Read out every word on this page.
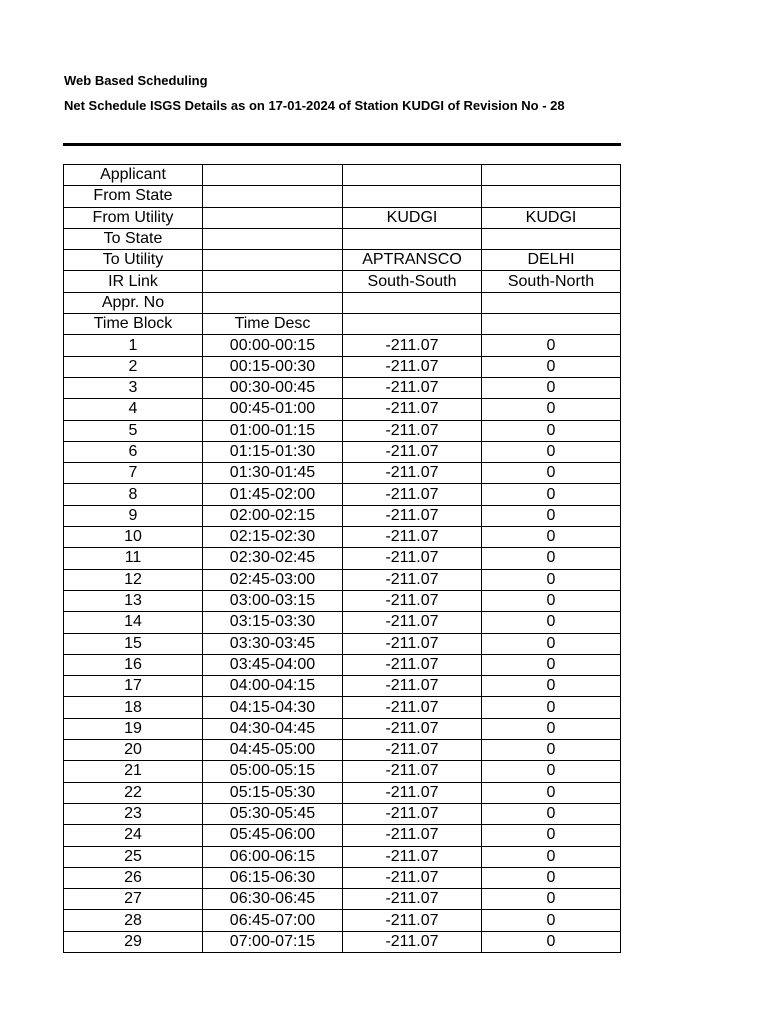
Web Based Scheduling
Net Schedule ISGS Details as on 17-01-2024 of Station KUDGI of Revision No - 28
Applicant			
From State			
From Utility		KUDGI	KUDGI
To State			
To Utility		APTRANSCO	DELHI
IR Link		South-South	South-North
Appr. No			
Time Block	Time Desc		
1	00:00-00:15	-211.07	0
2	00:15-00:30	-211.07	0
3	00:30-00:45	-211.07	0
4	00:45-01:00	-211.07	0
5	01:00-01:15	-211.07	0
6	01:15-01:30	-211.07	0
7	01:30-01:45	-211.07	0
8	01:45-02:00	-211.07	0
9	02:00-02:15	-211.07	0
10	02:15-02:30	-211.07	0
11	02:30-02:45	-211.07	0
12	02:45-03:00	-211.07	0
13	03:00-03:15	-211.07	0
14	03:15-03:30	-211.07	0
15	03:30-03:45	-211.07	0
16	03:45-04:00	-211.07	0
17	04:00-04:15	-211.07	0
18	04:15-04:30	-211.07	0
19	04:30-04:45	-211.07	0
20	04:45-05:00	-211.07	0
21	05:00-05:15	-211.07	0
22	05:15-05:30	-211.07	0
23	05:30-05:45	-211.07	0
24	05:45-06:00	-211.07	0
25	06:00-06:15	-211.07	0
26	06:15-06:30	-211.07	0
27	06:30-06:45	-211.07	0
28	06:45-07:00	-211.07	0
29	07:00-07:15	-211.07	0
